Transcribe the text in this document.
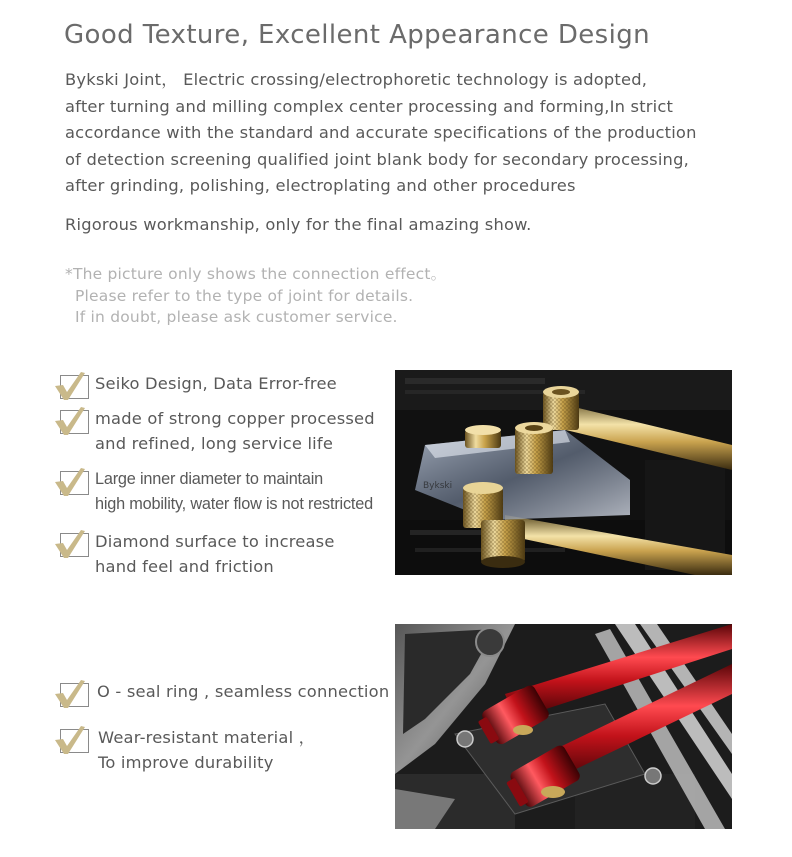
Good Texture, Excellent Appearance Design
Bykski Joint， Electric crossing/electrophoretic technology is adopted,
after turning and milling complex center processing and forming,In strict
accordance with the standard and accurate specifications of the production
of detection screening qualified joint blank body for secondary processing,
after grinding, polishing, electroplating and other procedures
Rigorous workmanship, only for the final amazing show.
*The picture only shows the connection effect。
Please refer to the type of joint for details.
If in doubt, please ask customer service.
Seiko Design, Data Error-free
made of strong copper processed
and refined, long service life
Large inner diameter to maintain
high mobility, water flow is not restricted
Diamond surface to increase
hand feel and friction
Bykski
O - seal ring , seamless connection
Wear-resistant material ，
To improve durability
